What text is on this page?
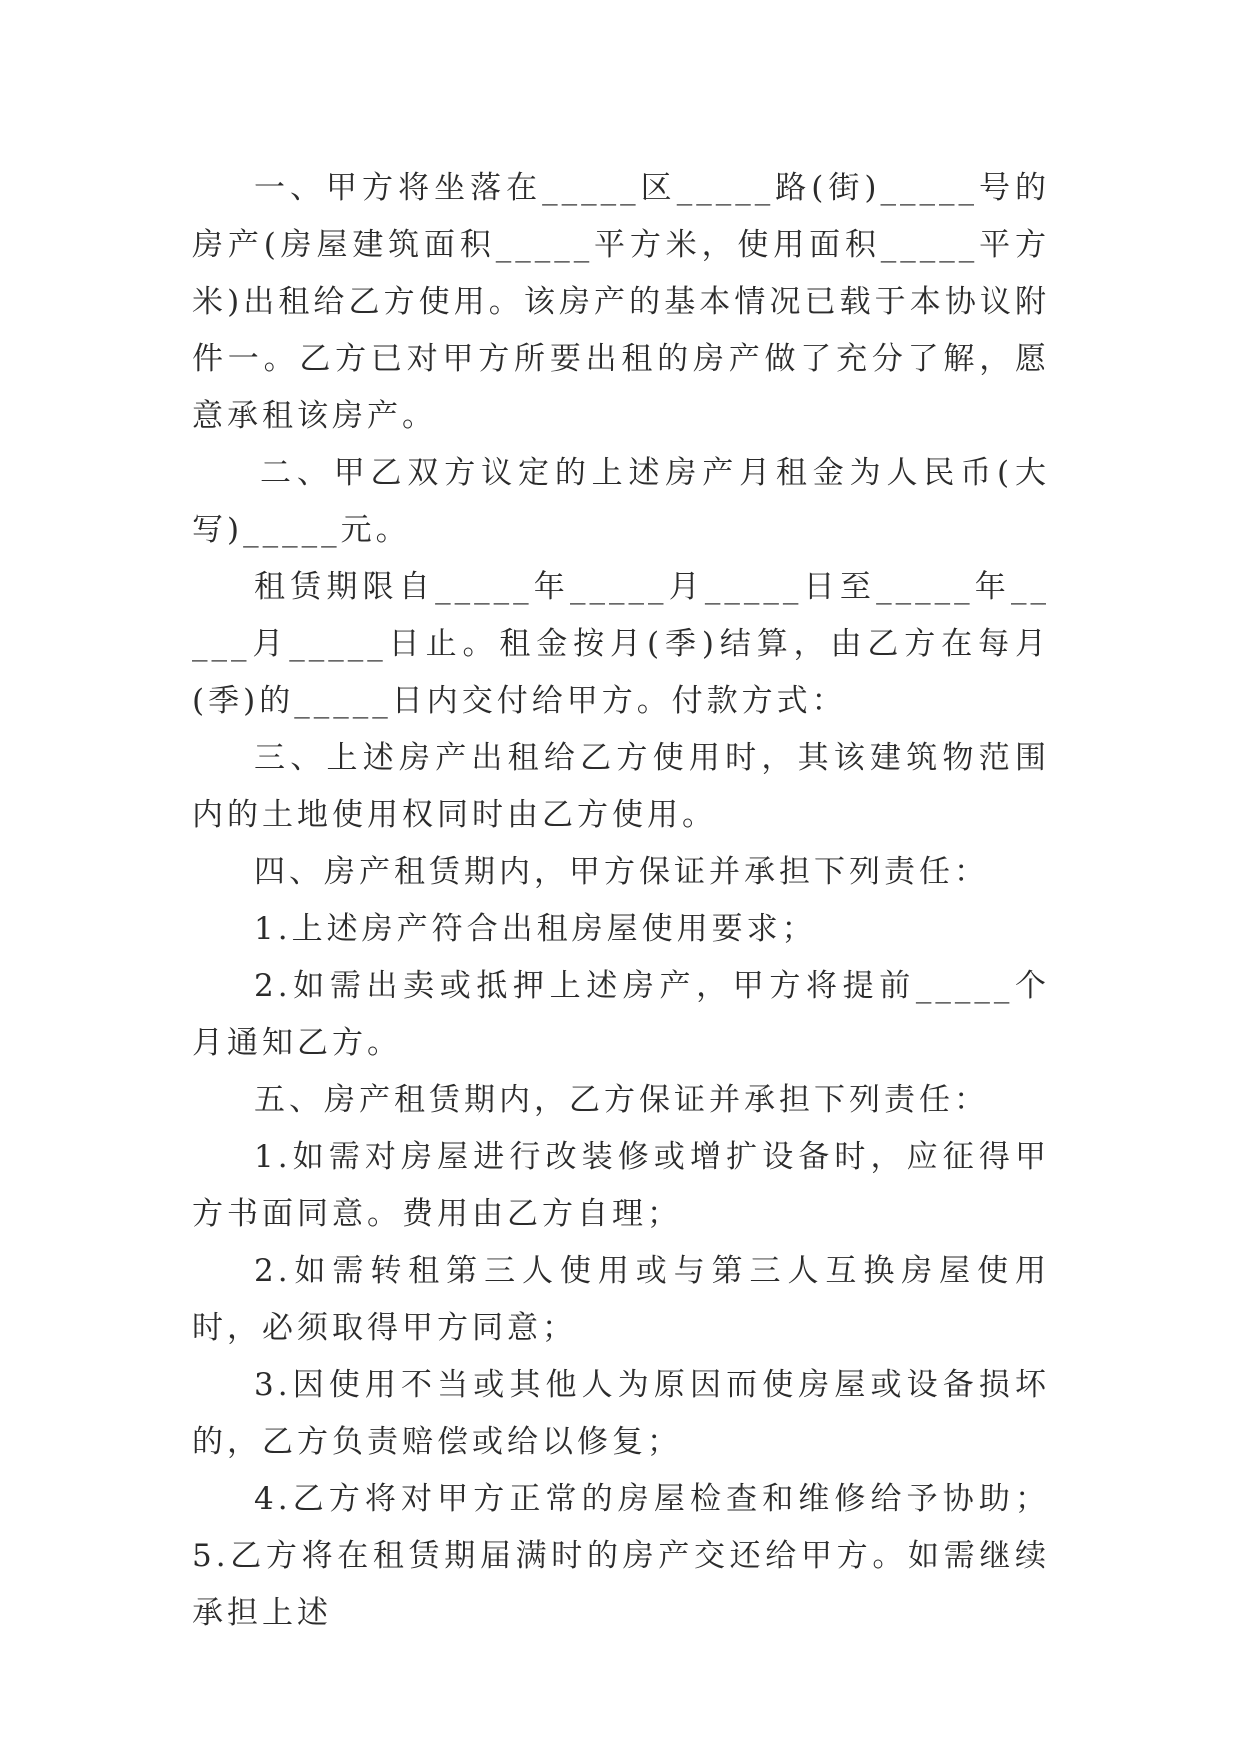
一、甲方将坐落在_____区_____路(街)_____号的房产(房屋建筑面积_____平方米，使用面积_____平方米)出租给乙方使用。该房产的基本情况已载于本协议附件一。乙方已对甲方所要出租的房产做了充分了解，愿意承租该房产。

二、甲乙双方议定的上述房产月租金为人民币(大写)_____元。

租赁期限自_____年_____月_____日至_____年_____月_____日止。租金按月(季)结算，由乙方在每月(季)的_____日内交付给甲方。付款方式：

三、上述房产出租给乙方使用时，其该建筑物范围内的土地使用权同时由乙方使用。

四、房产租赁期内，甲方保证并承担下列责任：

1.上述房产符合出租房屋使用要求；

2.如需出卖或抵押上述房产，甲方将提前_____个月通知乙方。

五、房产租赁期内，乙方保证并承担下列责任：

1.如需对房屋进行改装修或增扩设备时，应征得甲方书面同意。费用由乙方自理；

2.如需转租第三人使用或与第三人互换房屋使用时，必须取得甲方同意；

3.因使用不当或其他人为原因而使房屋或设备损坏的，乙方负责赔偿或给以修复；

4.乙方将对甲方正常的房屋检查和维修给予协助；5.乙方将在租赁期届满时的房产交还给甲方。如需继续承担上述
